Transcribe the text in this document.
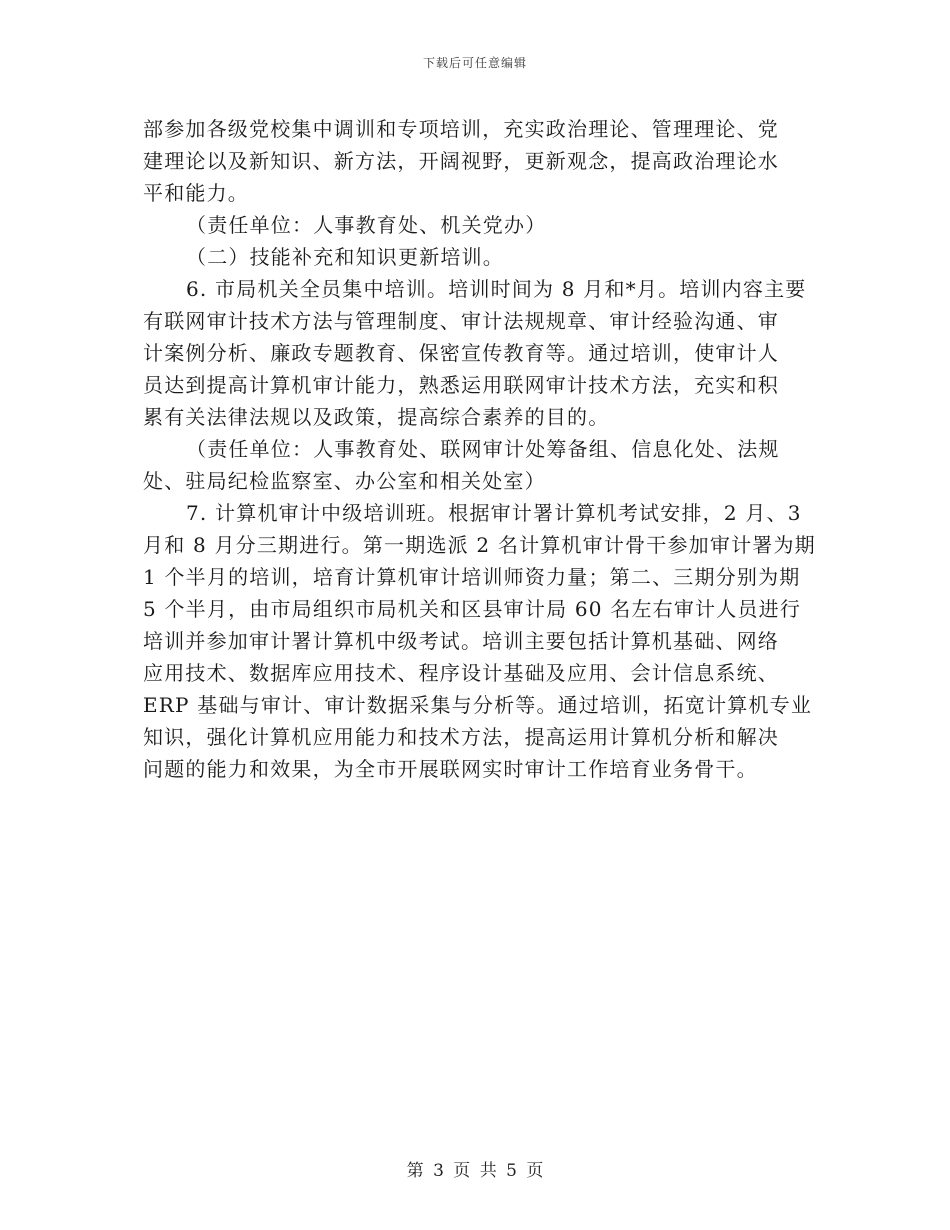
下载后可任意编辑
部参加各级党校集中调训和专项培训，充实政治理论、管理理论、党
建理论以及新知识、新方法，开阔视野，更新观念，提高政治理论水
平和能力。
（责任单位：人事教育处、机关党办）
（二）技能补充和知识更新培训。
6. 市局机关全员集中培训。培训时间为 8 月和*月。培训内容主要
有联网审计技术方法与管理制度、审计法规规章、审计经验沟通、审
计案例分析、廉政专题教育、保密宣传教育等。通过培训，使审计人
员达到提高计算机审计能力，熟悉运用联网审计技术方法，充实和积
累有关法律法规以及政策，提高综合素养的目的。
（责任单位：人事教育处、联网审计处筹备组、信息化处、法规
处、驻局纪检监察室、办公室和相关处室）
7. 计算机审计中级培训班。根据审计署计算机考试安排，2 月、3
月和 8 月分三期进行。第一期选派 2 名计算机审计骨干参加审计署为期
1 个半月的培训，培育计算机审计培训师资力量；第二、三期分别为期
5 个半月，由市局组织市局机关和区县审计局 60 名左右审计人员进行
培训并参加审计署计算机中级考试。培训主要包括计算机基础、网络
应用技术、数据库应用技术、程序设计基础及应用、会计信息系统、
ERP 基础与审计、审计数据采集与分析等。通过培训，拓宽计算机专业
知识，强化计算机应用能力和技术方法，提高运用计算机分析和解决
问题的能力和效果，为全市开展联网实时审计工作培育业务骨干。
第 3 页 共 5 页
